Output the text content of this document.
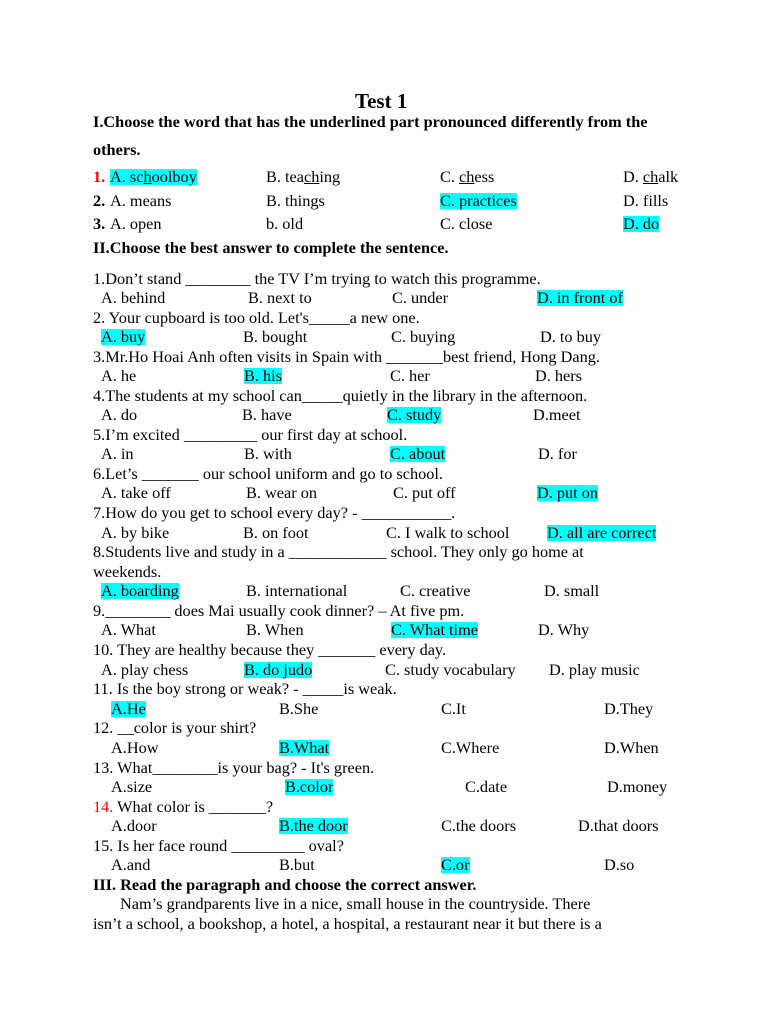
Test 1
I.Choose the word that has the underlined part pronounced differently from the
others.
1. A. schoolboy	B. teaching	C. chess	D. chalk
2. A. means	B. things	C. practices	D. fills
3. A. open	b. old	C. close	D. do
II.Choose the best answer to complete the sentence.
1.Don’t stand ________ the TV I’m trying to watch this programme.
A. behind	B. next to	C. under	D. in front of
2. Your cupboard is too old. Let's_____a new one.
A. buy	B. bought	C. buying	D. to buy
3.Mr.Ho Hoai Anh often visits in Spain with _______best friend, Hong Dang.
A. he	B. his	C. her	D. hers
4.The students at my school can_____quietly in the library in the afternoon.
A. do	B. have	C. study	D.meet
5.I’m excited _________ our first day at school.
A. in	B. with	C. about	D. for
6.Let’s _______ our school uniform and go to school.
A. take off	B. wear on	C. put off	D. put on
7.How do you get to school every day? - ___________.
A. by bike	B. on foot	C. I walk to school D. all are correct
8.Students live and study in a ____________ school. They only go home at
weekends.
A. boarding	B. international	C. creative	D. small
9.________ does Mai usually cook dinner? – At five pm.
A. What	B. When	C. What time	D. Why
10. They are healthy because they _______ every day.
A. play chess	B. do judo	C. study vocabulary D. play music
11. Is the boy strong or weak? - _____is weak.
A.He	B.She	C.It	D.They
12. __color is your shirt?
A.How	B.What	C.Where	D.When
13. What________is your bag? - It's green.
A.size	B.color	C.date	D.money
14. What color is _______?
A.door	B.the door	C.the doors	D.that doors
15. Is her face round _________ oval?
A.and	B.but	C.or	D.so
III. Read the paragraph and choose the correct answer.
Nam’s grandparents live in a nice, small house in the countryside. There
isn’t a school, a bookshop, a hotel, a hospital, a restaurant near it but there is a
